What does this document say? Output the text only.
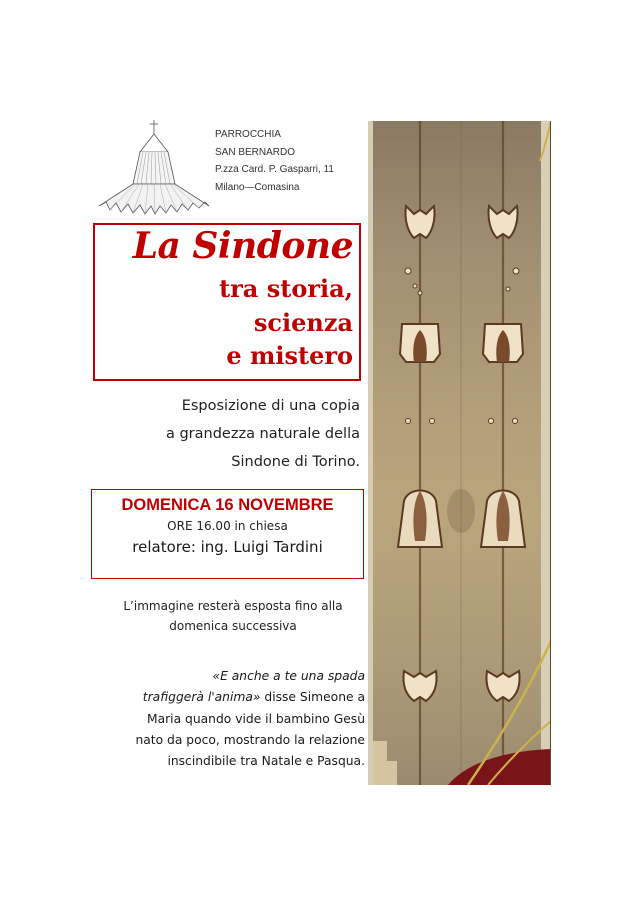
PARROCCHIA
SAN BERNARDO
P.zza Card. P. Gasparri, 11
Milano—Comasina
La Sindone
tra storia,
scienza
e mistero
Esposizione di una copia
a grandezza naturale della
Sindone di Torino.
DOMENICA 16 NOVEMBRE
ORE 16.00 in chiesa
relatore: ing. Luigi Tardini
L’immagine resterà esposta fino alla
domenica successiva
«E anche a te una spada
trafiggerà l'anima» disse Simeone a
Maria quando vide il bambino Gesù
nato da poco, mostrando la relazione
inscindibile tra Natale e Pasqua.
